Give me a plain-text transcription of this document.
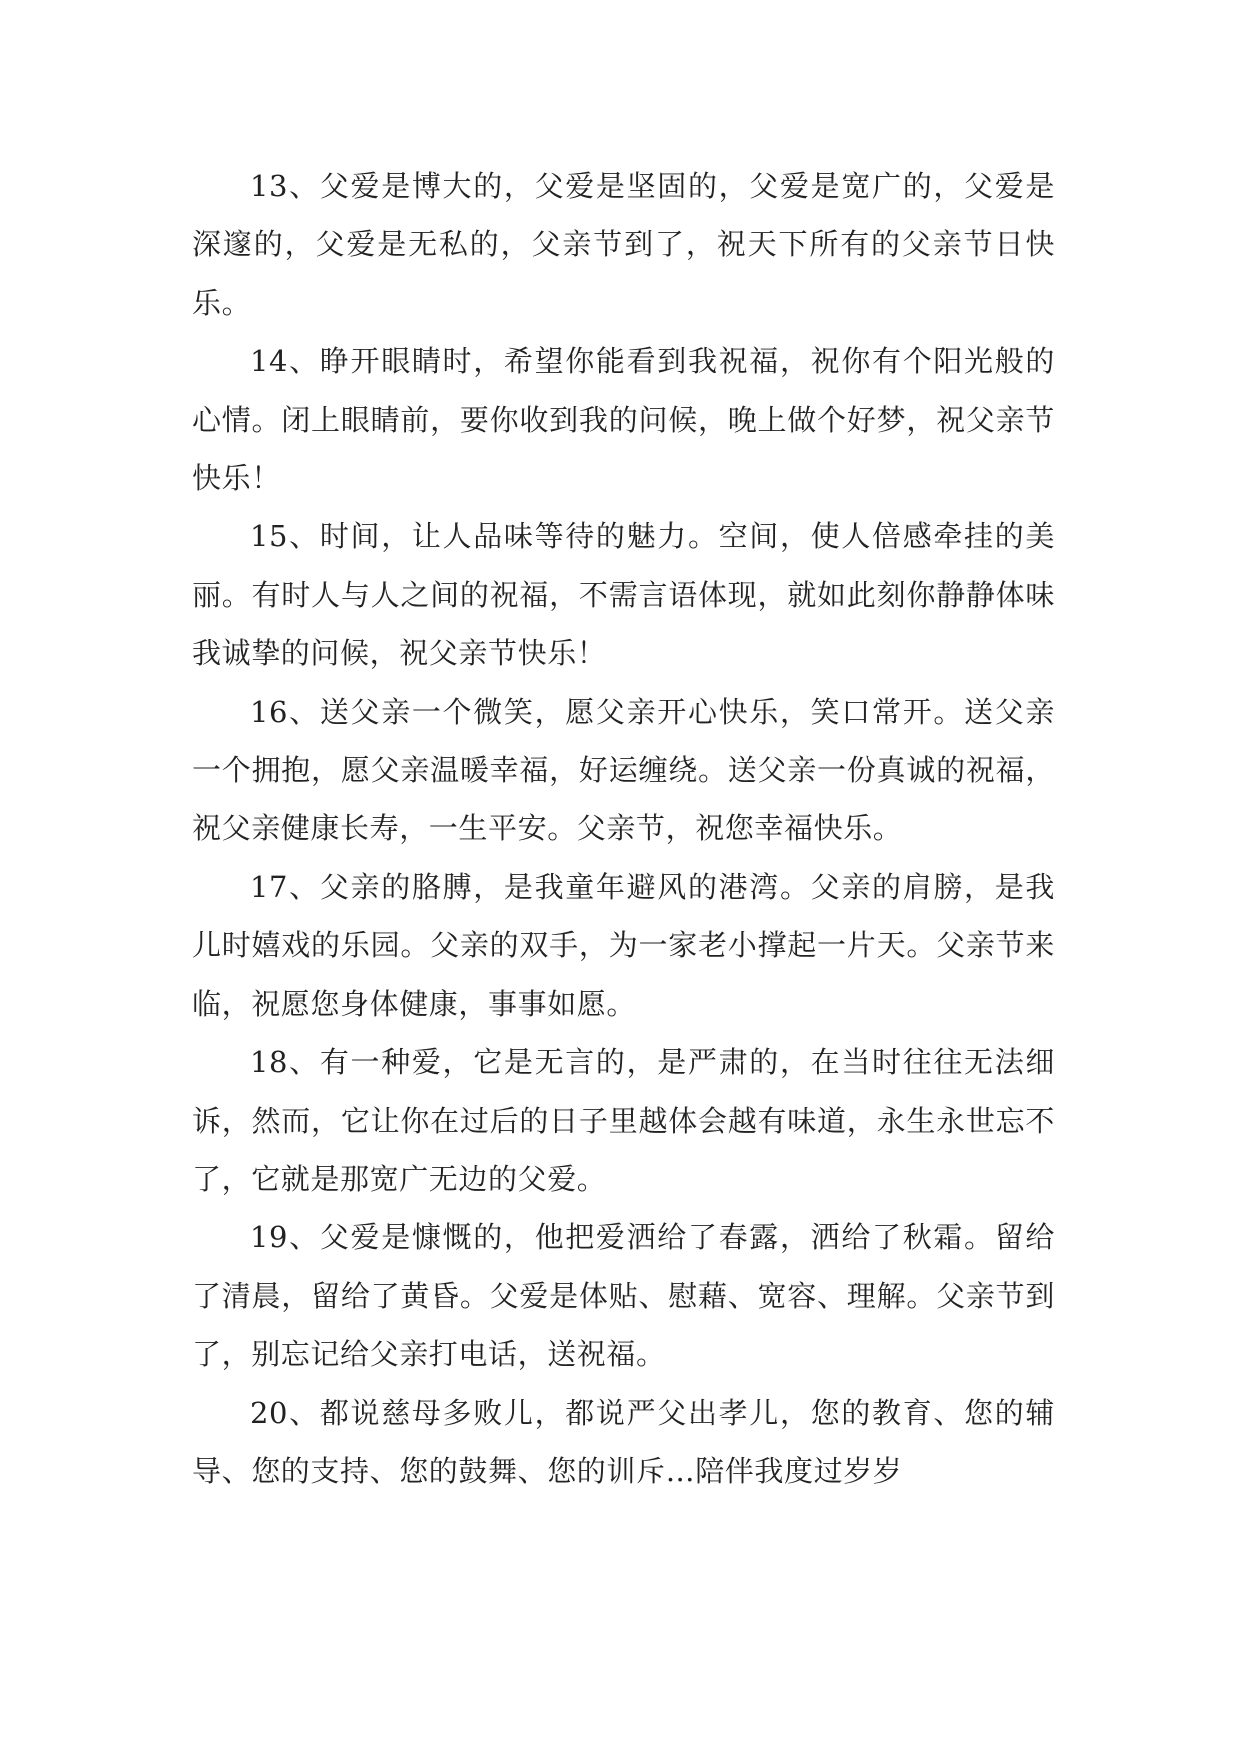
13、父爱是博大的，父爱是坚固的，父爱是宽广的，父爱是深邃的，父爱是无私的，父亲节到了，祝天下所有的父亲节日快乐。

14、睁开眼睛时，希望你能看到我祝福，祝你有个阳光般的心情。闭上眼睛前，要你收到我的问候，晚上做个好梦，祝父亲节快乐！

15、时间，让人品味等待的魅力。空间，使人倍感牵挂的美丽。有时人与人之间的祝福，不需言语体现，就如此刻你静静体味我诚挚的问候，祝父亲节快乐！

16、送父亲一个微笑，愿父亲开心快乐，笑口常开。送父亲一个拥抱，愿父亲温暖幸福，好运缠绕。送父亲一份真诚的祝福，祝父亲健康长寿，一生平安。父亲节，祝您幸福快乐。

17、父亲的胳膊，是我童年避风的港湾。父亲的肩膀，是我儿时嬉戏的乐园。父亲的双手，为一家老小撑起一片天。父亲节来临，祝愿您身体健康，事事如愿。

18、有一种爱，它是无言的，是严肃的，在当时往往无法细诉，然而，它让你在过后的日子里越体会越有味道，永生永世忘不了，它就是那宽广无边的父爱。

19、父爱是慷慨的，他把爱洒给了春露，洒给了秋霜。留给了清晨，留给了黄昏。父爱是体贴、慰藉、宽容、理解。父亲节到了，别忘记给父亲打电话，送祝福。

20、都说慈母多败儿，都说严父出孝儿，您的教育、您的辅导、您的支持、您的鼓舞、您的训斥…陪伴我度过岁岁
